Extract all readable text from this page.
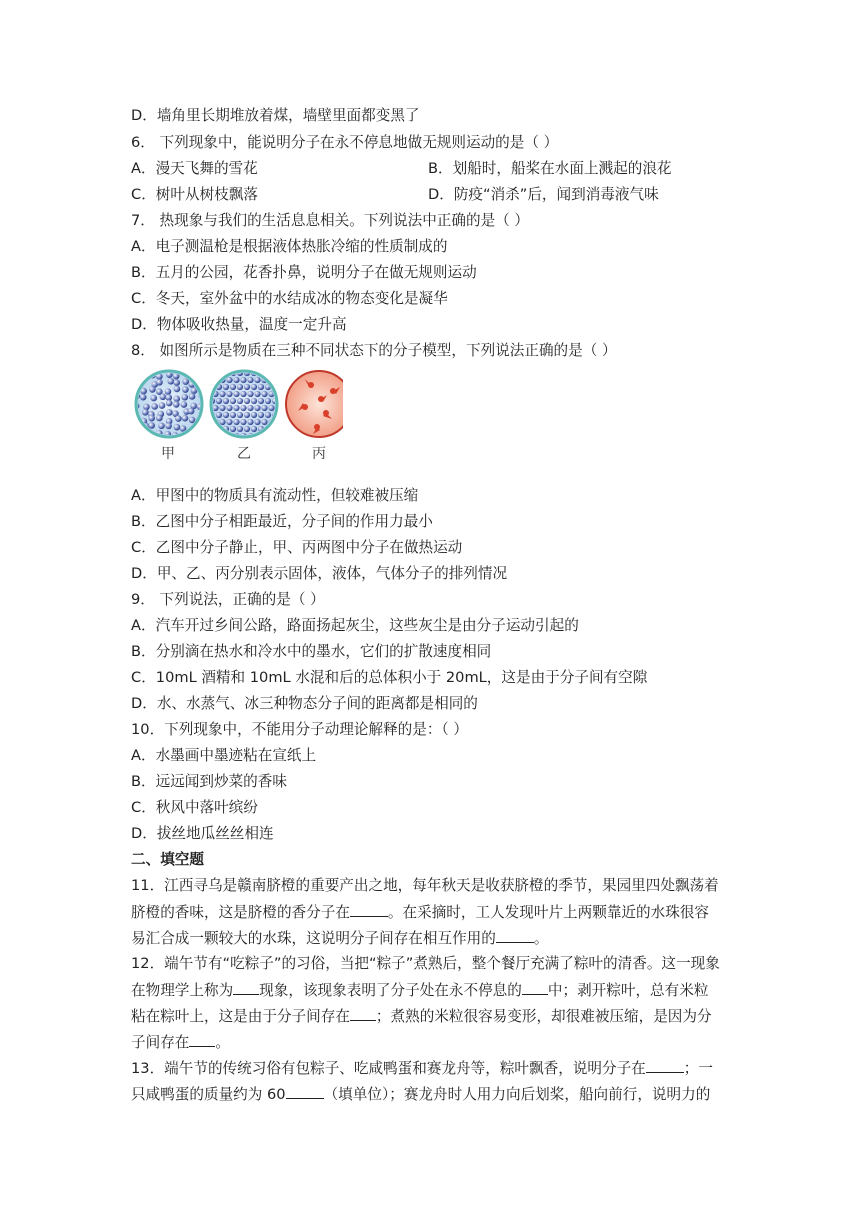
D．墙角里长期堆放着煤，墙壁里面都变黑了
6． 下列现象中，能说明分子在永不停息地做无规则运动的是（ ）
A．漫天飞舞的雪花	B．划船时，船桨在水面上溅起的浪花
C．树叶从树枝飘落	D．防疫“消杀”后，闻到消毒液气味
7． 热现象与我们的生活息息相关。下列说法中正确的是（ ）
A．电子测温枪是根据液体热胀冷缩的性质制成的
B．五月的公园，花香扑鼻，说明分子在做无规则运动
C．冬天，室外盆中的水结成冰的物态变化是凝华
D．物体吸收热量，温度一定升高
8． 如图所示是物质在三种不同状态下的分子模型，下列说法正确的是（ ）
甲	乙	丙
A．甲图中的物质具有流动性，但较难被压缩
B．乙图中分子相距最近，分子间的作用力最小
C．乙图中分子静止，甲、丙两图中分子在做热运动
D．甲、乙、丙分别表示固体，液体，气体分子的排列情况
9． 下列说法，正确的是（ ）
A．汽车开过乡间公路，路面扬起灰尘，这些灰尘是由分子运动引起的
B．分别滴在热水和冷水中的墨水，它们的扩散速度相同
C．10mL 酒精和 10mL 水混和后的总体积小于 20mL，这是由于分子间有空隙
D．水、水蒸气、冰三种物态分子间的距离都是相同的
10．下列现象中，不能用分子动理论解释的是：（ ）
A．水墨画中墨迹粘在宣纸上
B．远远闻到炒菜的香味
C．秋风中落叶缤纷
D．拔丝地瓜丝丝相连
二、填空题
11．江西寻乌是赣南脐橙的重要产出之地，每年秋天是收获脐橙的季节，果园里四处飘荡着
脐橙的香味，这是脐橙的香分子在	。在采摘时，工人发现叶片上两颗靠近的水珠很容
易汇合成一颗较大的水珠，这说明分子间存在相互作用的	。
12．端午节有“吃粽子”的习俗，当把“粽子”煮熟后，整个餐厅充满了粽叶的清香。这一现象
在物理学上称为 现象，该现象表明了分子处在永不停息的 中；剥开粽叶，总有米粒
粘在粽叶上，这是由于分子间存在 ；煮熟的米粒很容易变形，却很难被压缩，是因为分
子间存在 。
13．端午节的传统习俗有包粽子、吃咸鸭蛋和赛龙舟等，粽叶飘香，说明分子在	；一
只咸鸭蛋的质量约为 60	（填单位）；赛龙舟时人用力向后划桨，船向前行，说明力的
